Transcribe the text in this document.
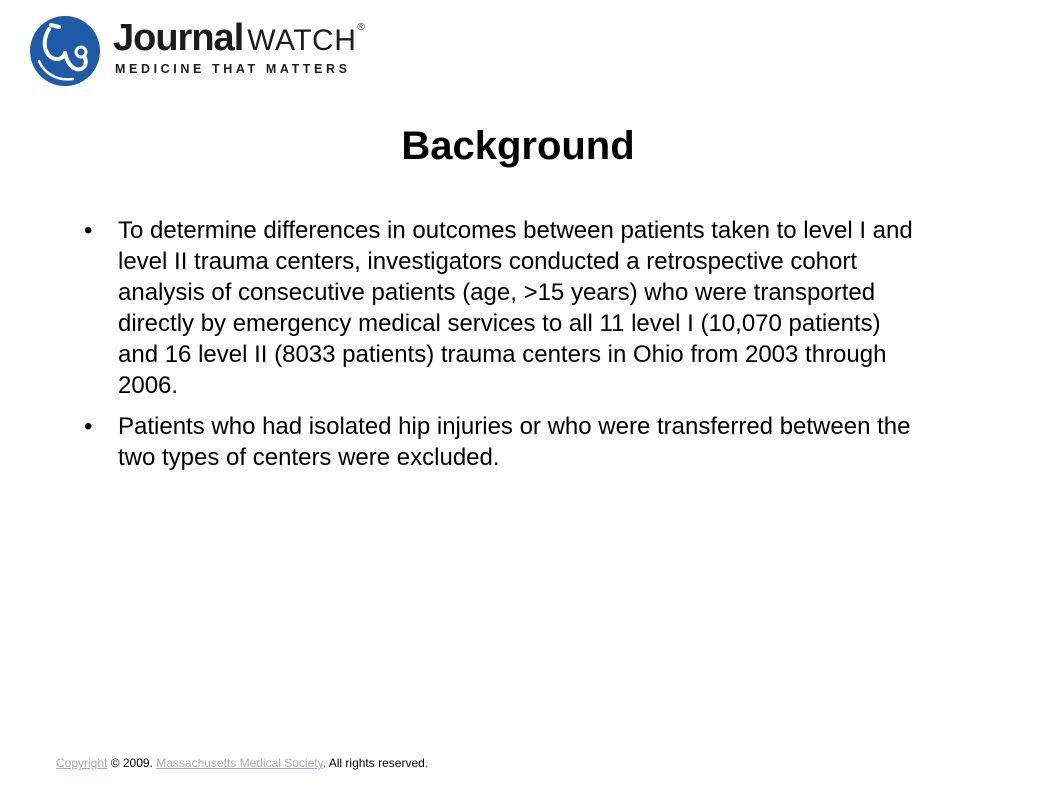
Journal WATCH®
MEDICINE THAT MATTERS
Background
• To determine differences in outcomes between patients taken to level I and level II trauma centers, investigators conducted a retrospective cohort analysis of consecutive patients (age, >15 years) who were transported directly by emergency medical services to all 11 level I (10,070 patients) and 16 level II (8033 patients) trauma centers in Ohio from 2003 through 2006.
• Patients who had isolated hip injuries or who were transferred between the two types of centers were excluded.
Copyright © 2009. Massachusetts Medical Society. All rights reserved.
